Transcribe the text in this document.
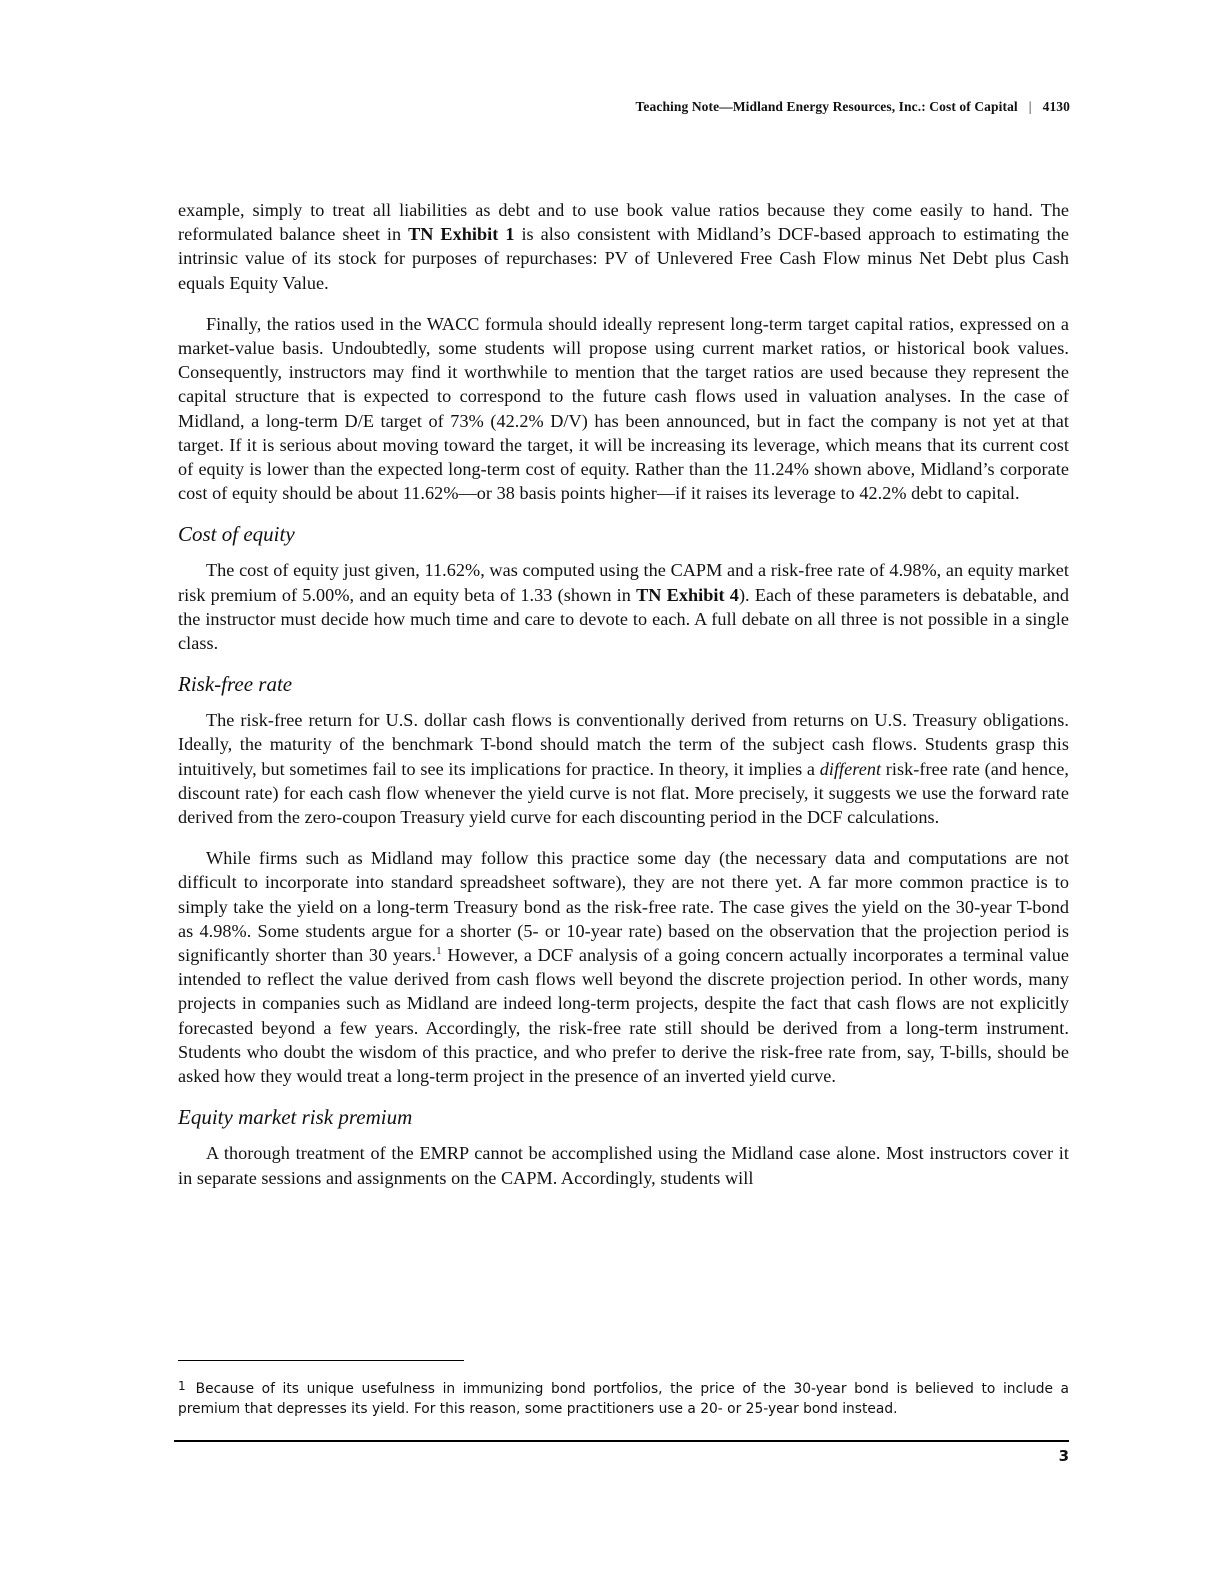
Teaching Note—Midland Energy Resources, Inc.: Cost of Capital | 4130

example, simply to treat all liabilities as debt and to use book value ratios because they come easily to hand. The reformulated balance sheet in TN Exhibit 1 is also consistent with Midland’s DCF-based approach to estimating the intrinsic value of its stock for purposes of repurchases: PV of Unlevered Free Cash Flow minus Net Debt plus Cash equals Equity Value.

Finally, the ratios used in the WACC formula should ideally represent long-term target capital ratios, expressed on a market-value basis. Undoubtedly, some students will propose using current market ratios, or historical book values. Consequently, instructors may find it worthwhile to mention that the target ratios are used because they represent the capital structure that is expected to correspond to the future cash flows used in valuation analyses. In the case of Midland, a long-term D/E target of 73% (42.2% D/V) has been announced, but in fact the company is not yet at that target. If it is serious about moving toward the target, it will be increasing its leverage, which means that its current cost of equity is lower than the expected long-term cost of equity. Rather than the 11.24% shown above, Midland’s corporate cost of equity should be about 11.62%—or 38 basis points higher—if it raises its leverage to 42.2% debt to capital.

Cost of equity

The cost of equity just given, 11.62%, was computed using the CAPM and a risk-free rate of 4.98%, an equity market risk premium of 5.00%, and an equity beta of 1.33 (shown in TN Exhibit 4). Each of these parameters is debatable, and the instructor must decide how much time and care to devote to each. A full debate on all three is not possible in a single class.

Risk-free rate

The risk-free return for U.S. dollar cash flows is conventionally derived from returns on U.S. Treasury obligations. Ideally, the maturity of the benchmark T-bond should match the term of the subject cash flows. Students grasp this intuitively, but sometimes fail to see its implications for practice. In theory, it implies a different risk-free rate (and hence, discount rate) for each cash flow whenever the yield curve is not flat. More precisely, it suggests we use the forward rate derived from the zero-coupon Treasury yield curve for each discounting period in the DCF calculations.

While firms such as Midland may follow this practice some day (the necessary data and computations are not difficult to incorporate into standard spreadsheet software), they are not there yet. A far more common practice is to simply take the yield on a long-term Treasury bond as the risk-free rate. The case gives the yield on the 30-year T-bond as 4.98%. Some students argue for a shorter (5- or 10-year rate) based on the observation that the projection period is significantly shorter than 30 years.$^1$ However, a DCF analysis of a going concern actually incorporates a terminal value intended to reflect the value derived from cash flows well beyond the discrete projection period. In other words, many projects in companies such as Midland are indeed long-term projects, despite the fact that cash flows are not explicitly forecasted beyond a few years. Accordingly, the risk-free rate still should be derived from a long-term instrument. Students who doubt the wisdom of this practice, and who prefer to derive the risk-free rate from, say, T-bills, should be asked how they would treat a long-term project in the presence of an inverted yield curve.

Equity market risk premium

A thorough treatment of the EMRP cannot be accomplished using the Midland case alone. Most instructors cover it in separate sessions and assignments on the CAPM. Accordingly, students will

1 Because of its unique usefulness in immunizing bond portfolios, the price of the 30-year bond is believed to include a premium that depresses its yield. For this reason, some practitioners use a 20- or 25-year bond instead.
3
